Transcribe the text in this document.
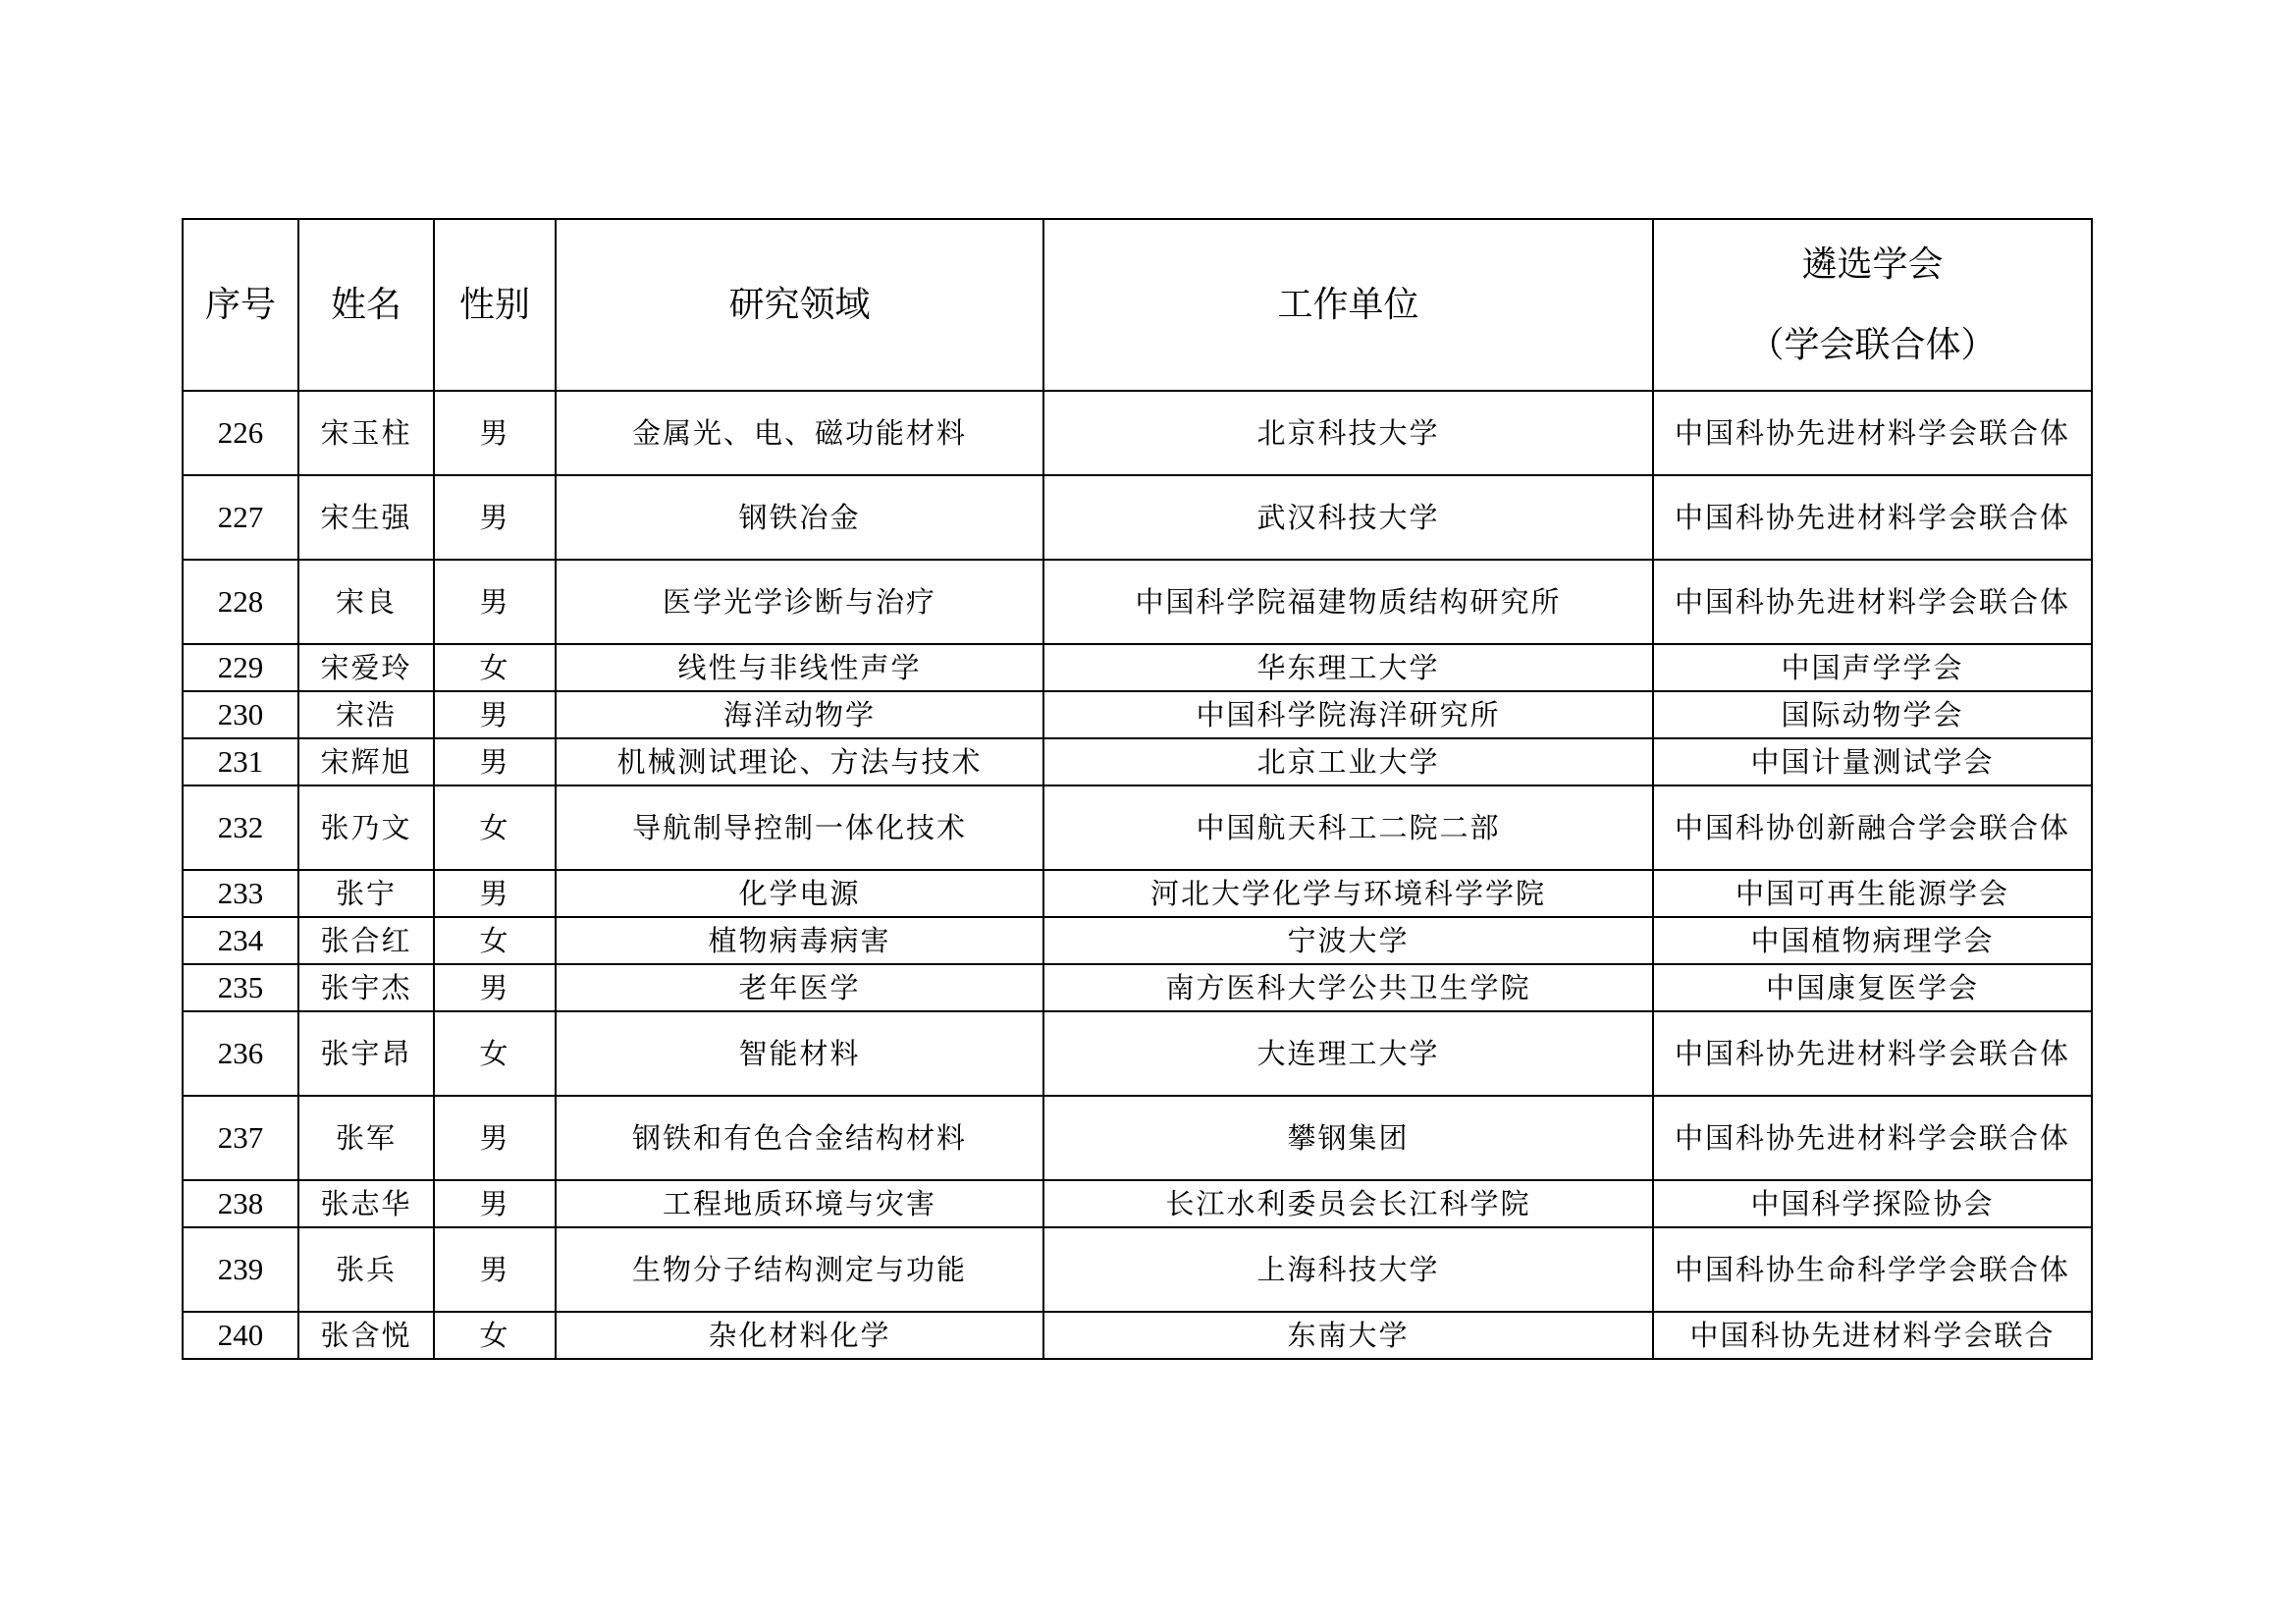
序号	姓名	性别	研究领域	工作单位	遴选学会
（学会联合体）

226	宋玉柱	男	金属光、电、磁功能材料	北京科技大学	中国科协先进材料学会联合体
227	宋生强	男	钢铁冶金	武汉科技大学	中国科协先进材料学会联合体
228	宋良	男	医学光学诊断与治疗	中国科学院福建物质结构研究所	中国科协先进材料学会联合体
229	宋爱玲	女	线性与非线性声学	华东理工大学	中国声学学会
230	宋浩	男	海洋动物学	中国科学院海洋研究所	国际动物学会
231	宋辉旭	男	机械测试理论、方法与技术	北京工业大学	中国计量测试学会
232	张乃文	女	导航制导控制一体化技术	中国航天科工二院二部	中国科协创新融合学会联合体
233	张宁	男	化学电源	河北大学化学与环境科学学院	中国可再生能源学会
234	张合红	女	植物病毒病害	宁波大学	中国植物病理学会
235	张宇杰	男	老年医学	南方医科大学公共卫生学院	中国康复医学会
236	张宇昂	女	智能材料	大连理工大学	中国科协先进材料学会联合体
237	张军	男	钢铁和有色合金结构材料	攀钢集团	中国科协先进材料学会联合体
238	张志华	男	工程地质环境与灾害	长江水利委员会长江科学院	中国科学探险协会
239	张兵	男	生物分子结构测定与功能	上海科技大学	中国科协生命科学学会联合体
240	张含悦	女	杂化材料化学	东南大学	中国科协先进材料学会联合
